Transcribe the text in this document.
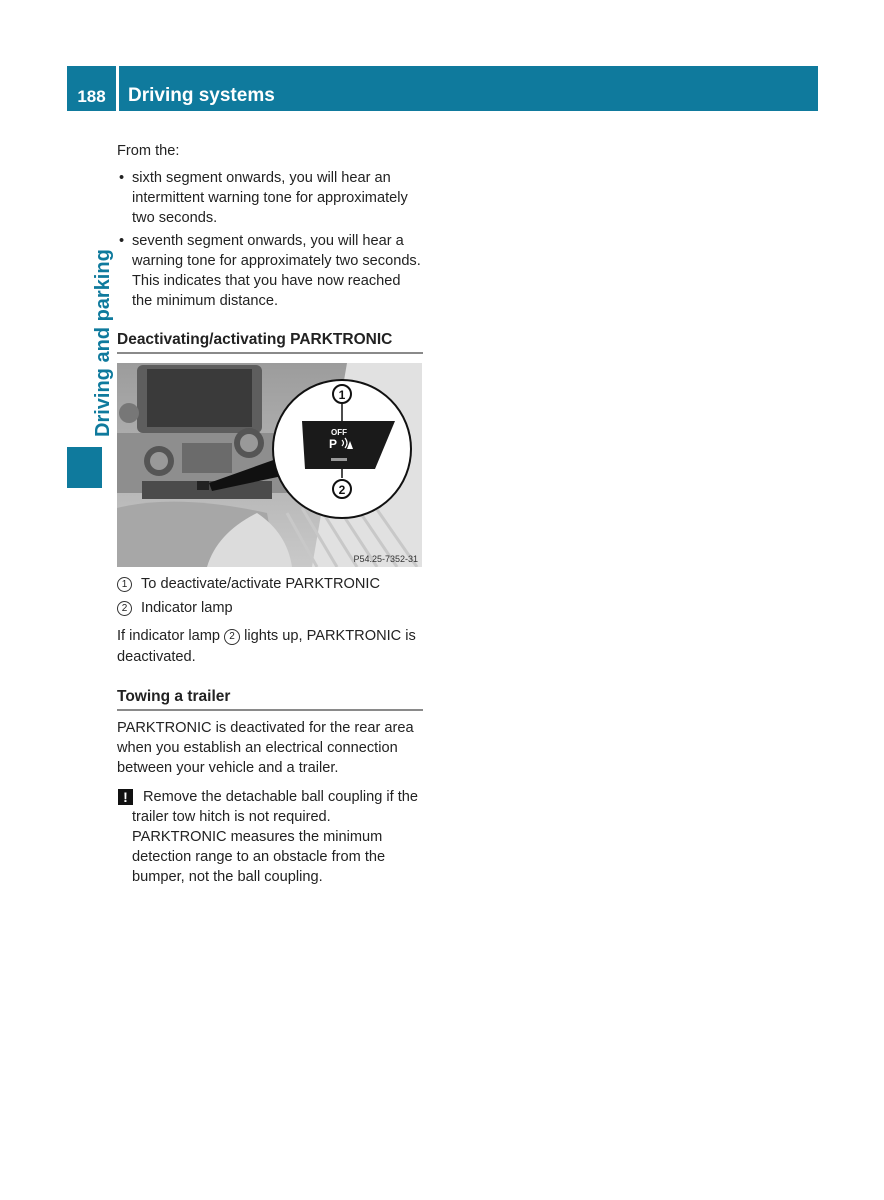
188	Driving systems
Driving and parking

From the:

• sixth segment onwards, you will hear an intermittent warning tone for approximately two seconds.
• seventh segment onwards, you will hear a warning tone for approximately two seconds. This indicates that you have now reached the minimum distance.
Deactivating/activating PARKTRONIC
1
OFF
P
2
P54.25-7352-31

1 To deactivate/activate PARKTRONIC

2 Indicator lamp

If indicator lamp 2 lights up, PARKTRONIC is deactivated.

Towing a trailer

PARKTRONIC is deactivated for the rear area when you establish an electrical connection between your vehicle and a trailer.

!	Remove the detachable ball coupling if the trailer tow hitch is not required. PARKTRONIC measures the minimum detection range to an obstacle from the bumper, not the ball coupling.
